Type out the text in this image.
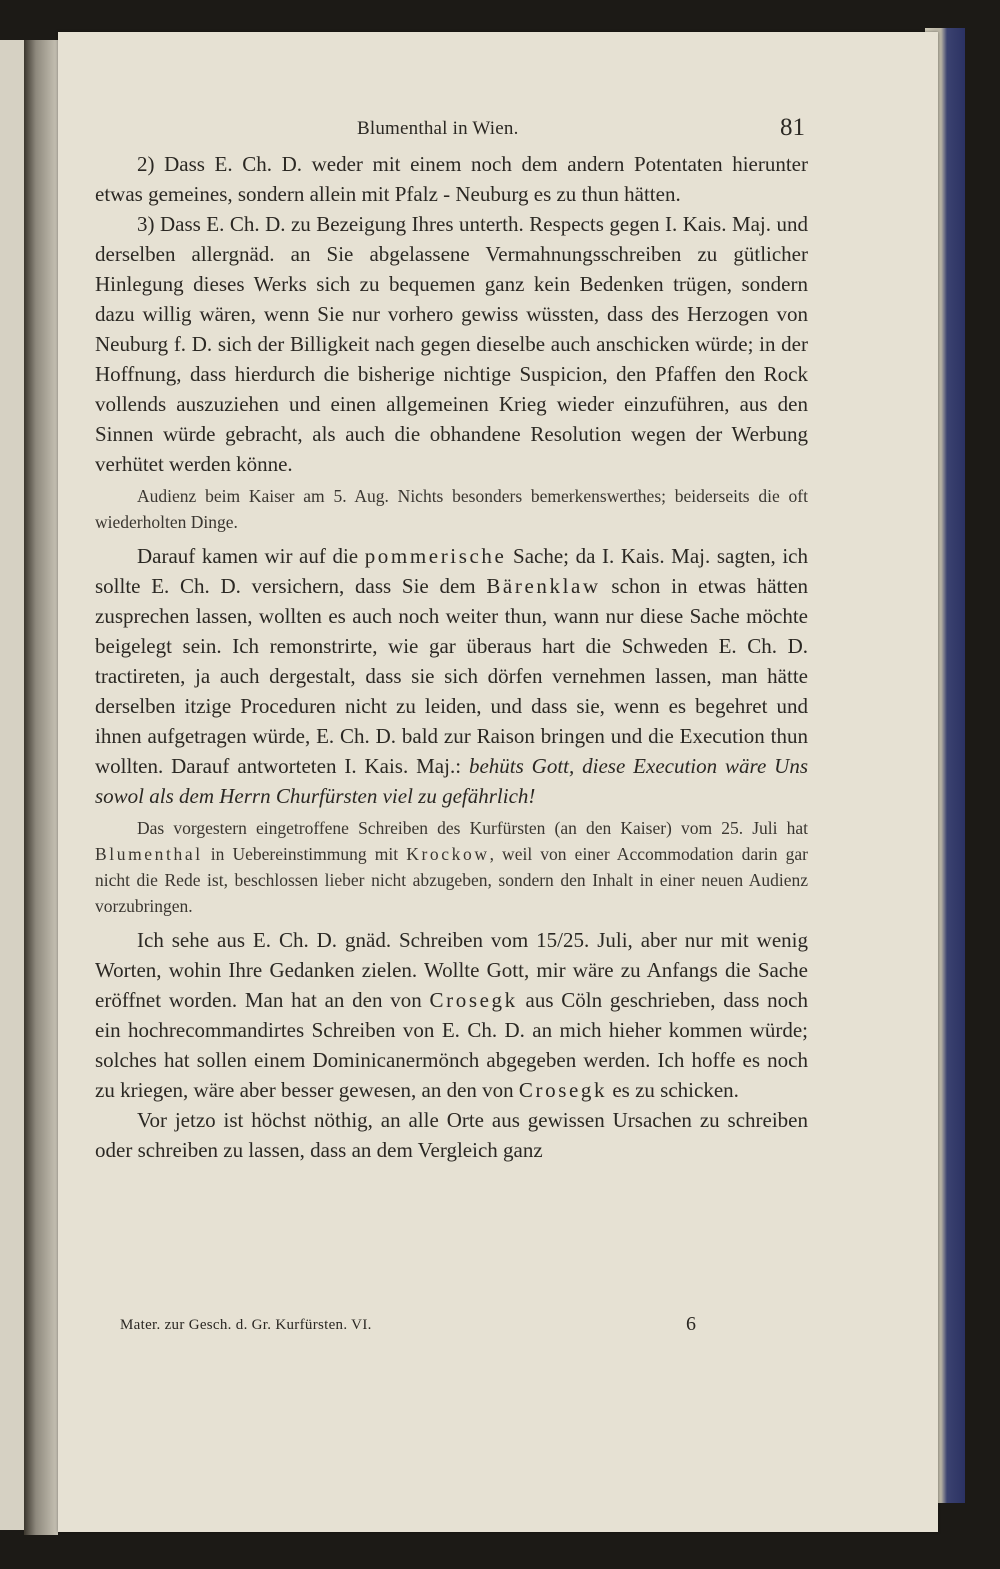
Blumenthal in Wien.	81

2) Dass E. Ch. D. weder mit einem noch dem andern Potentaten hierunter etwas gemeines, sondern allein mit Pfalz - Neuburg es zu thun hätten.

3) Dass E. Ch. D. zu Bezeigung Ihres unterth. Respects gegen I. Kais. Maj. und derselben allergnäd. an Sie abgelassene Vermahnungsschreiben zu gütlicher Hinlegung dieses Werks sich zu bequemen ganz kein Bedenken trügen, sondern dazu willig wären, wenn Sie nur vorhero gewiss wüssten, dass des Herzogen von Neuburg f. D. sich der Billigkeit nach gegen dieselbe auch anschicken würde; in der Hoffnung, dass hierdurch die bisherige nichtige Suspicion, den Pfaffen den Rock vollends auszuziehen und einen allgemeinen Krieg wieder einzuführen, aus den Sinnen würde gebracht, als auch die obhandene Resolution wegen der Werbung verhütet werden könne.

Audienz beim Kaiser am 5. Aug. Nichts besonders bemerkenswerthes; beiderseits die oft wiederholten Dinge.

Darauf kamen wir auf die pommerische Sache; da I. Kais. Maj. sagten, ich sollte E. Ch. D. versichern, dass Sie dem Bärenklaw schon in etwas hätten zusprechen lassen, wollten es auch noch weiter thun, wann nur diese Sache möchte beigelegt sein. Ich remonstrirte, wie gar überaus hart die Schweden E. Ch. D. tractireten, ja auch dergestalt, dass sie sich dörfen vernehmen lassen, man hätte derselben itzige Proceduren nicht zu leiden, und dass sie, wenn es begehret und ihnen aufgetragen würde, E. Ch. D. bald zur Raison bringen und die Execution thun wollten. Darauf antworteten I. Kais. Maj.: behüts Gott, diese Execution wäre Uns sowol als dem Herrn Churfürsten viel zu gefährlich!

Das vorgestern eingetroffene Schreiben des Kurfürsten (an den Kaiser) vom 25. Juli hat Blumenthal in Uebereinstimmung mit Krockow, weil von einer Accommodation darin gar nicht die Rede ist, beschlossen lieber nicht abzugeben, sondern den Inhalt in einer neuen Audienz vorzubringen.

Ich sehe aus E. Ch. D. gnäd. Schreiben vom 15/25. Juli, aber nur mit wenig Worten, wohin Ihre Gedanken zielen. Wollte Gott, mir wäre zu Anfangs die Sache eröffnet worden. Man hat an den von Crosegk aus Cöln geschrieben, dass noch ein hochrecommandirtes Schreiben von E. Ch. D. an mich hieher kommen würde; solches hat sollen einem Dominicanermönch abgegeben werden. Ich hoffe es noch zu kriegen, wäre aber besser gewesen, an den von Crosegk es zu schicken.

Vor jetzo ist höchst nöthig, an alle Orte aus gewissen Ursachen zu schreiben oder schreiben zu lassen, dass an dem Vergleich ganz

Mater. zur Gesch. d. Gr. Kurfürsten. VI.	6
